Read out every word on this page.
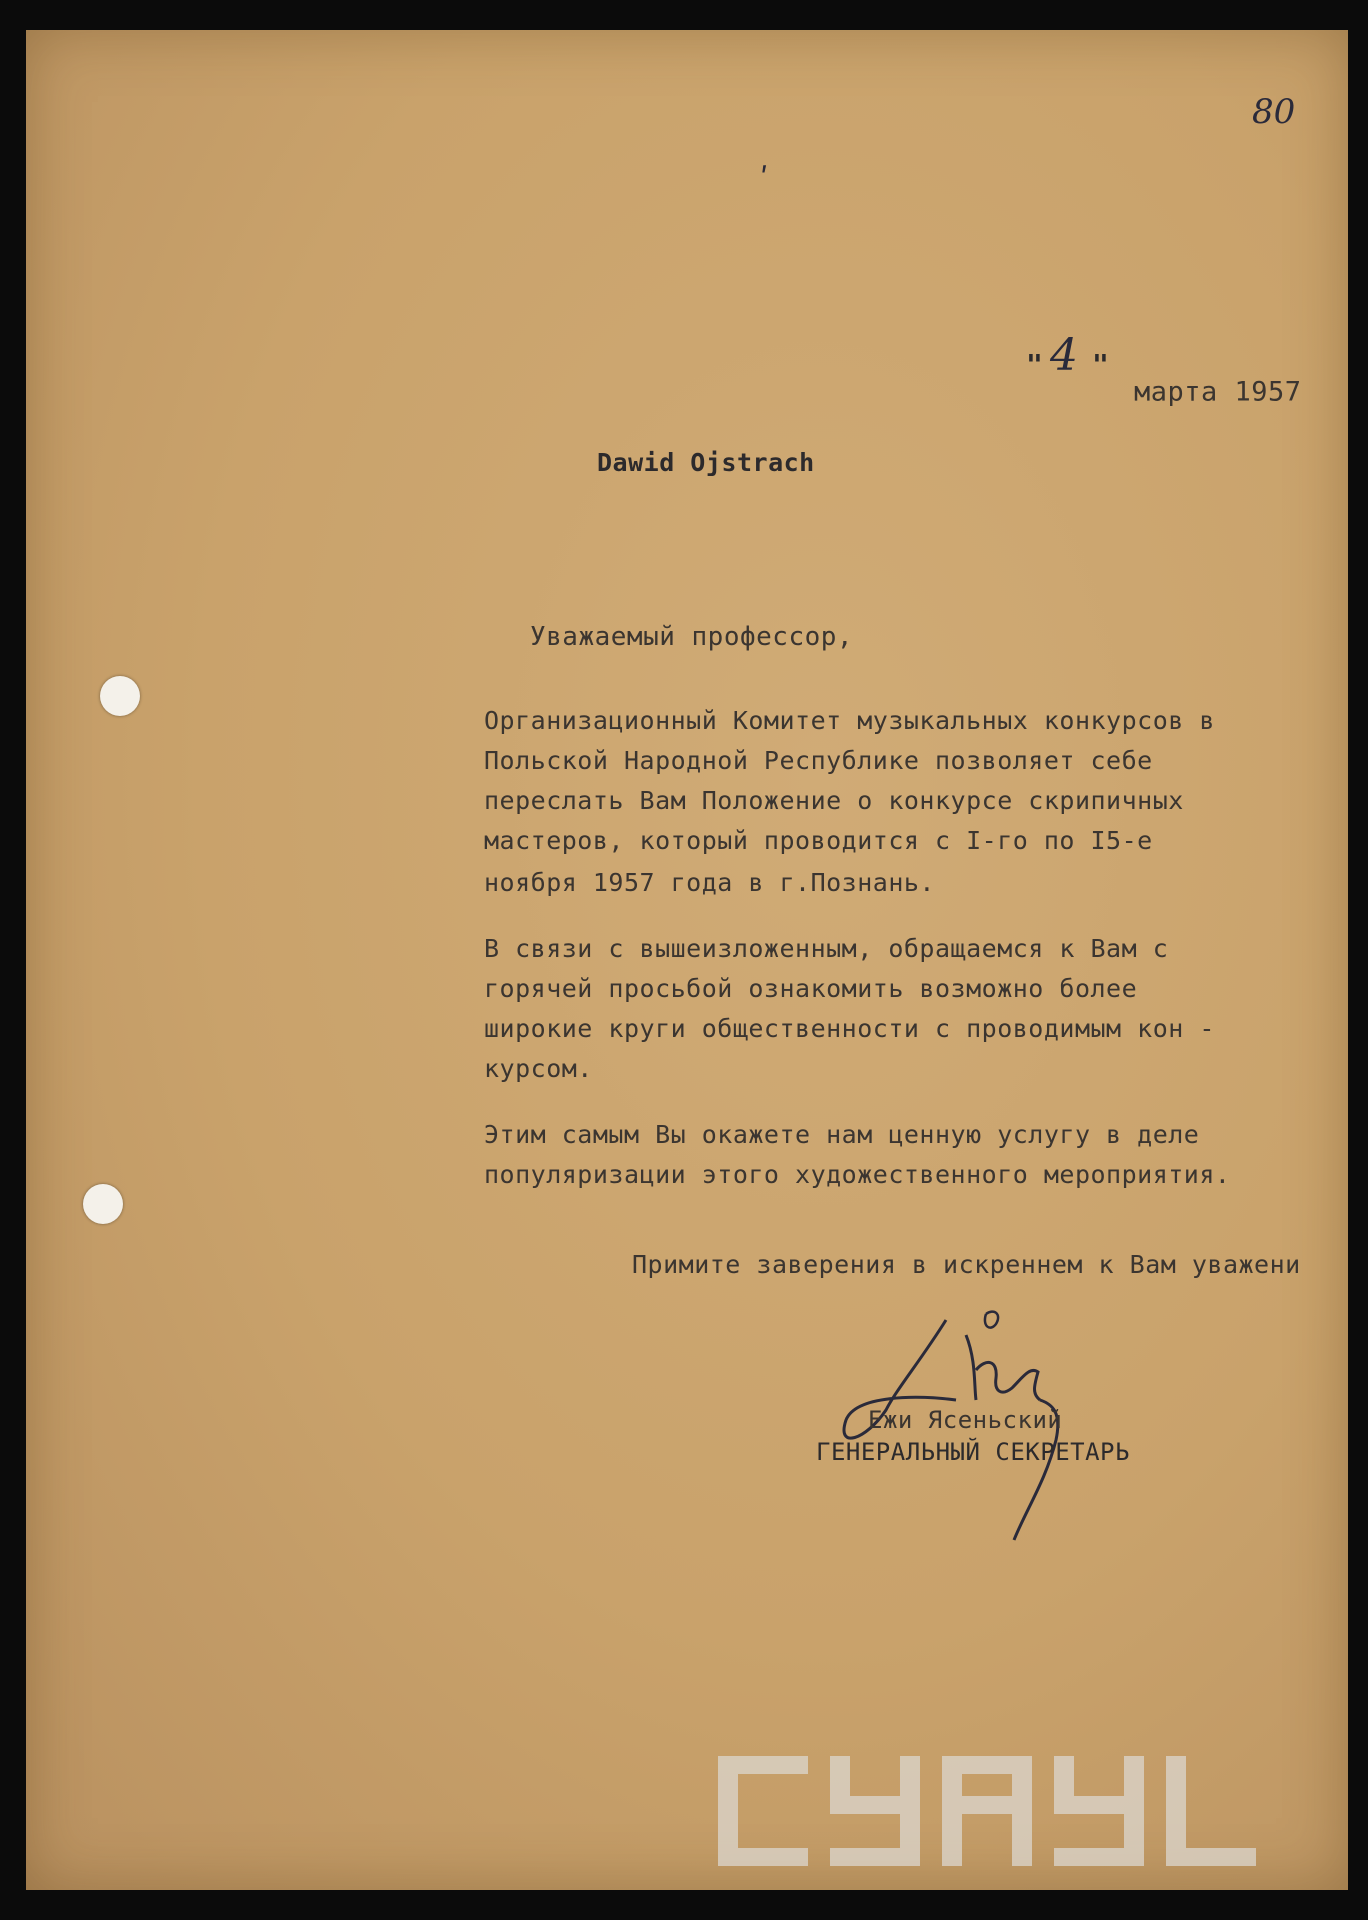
80
ʹ
" 4 "
марта 1957
Dawid Ojstrach
Уважаемый профессор,
Организационный Комитет музыкальных конкурсов в
Польской Народной Республике позволяет себе
переслать Вам Положение о конкурсе скрипичных
мастеров, который проводится с I-го по I5-е
ноября 1957 года в г.Познань.
В связи с вышеизложенным, обращаемся к Вам с
горячей просьбой ознакомить возможно более
широкие круги общественности с проводимым кон -
курсом.
Этим самым Вы окажете нам ценную услугу в деле
популяризации этого художественного мероприятия.
Примите заверения в искреннем к Вам уважени
Ежи Ясеньский
ГЕНЕРАЛЬНЫЙ СЕКРЕТАРЬ
